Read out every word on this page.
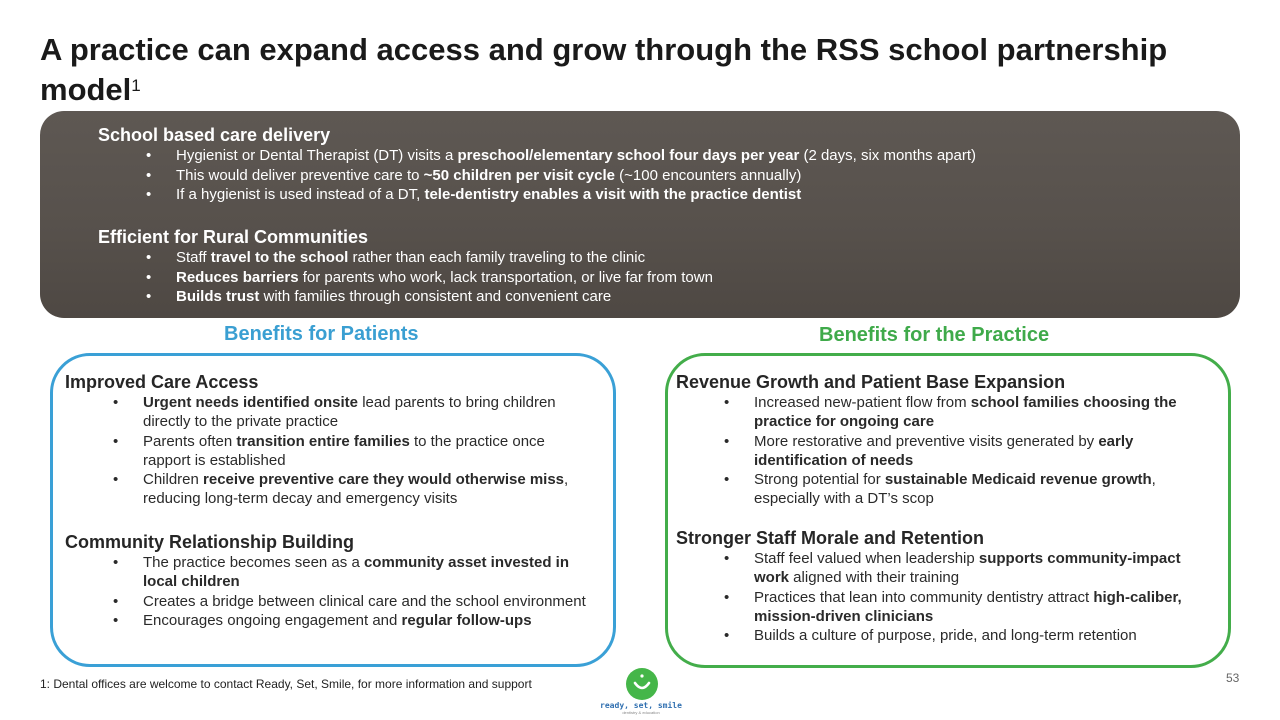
A practice can expand access and grow through the RSS school partnership model$^1$
School based care delivery
• Hygienist or Dental Therapist (DT) visits a preschool/elementary school four days per year (2 days, six months apart)
• This would deliver preventive care to ~50 children per visit cycle (~100 encounters annually)
• If a hygienist is used instead of a DT, tele-dentistry enables a visit with the practice dentist
Efficient for Rural Communities
• Staff travel to the school rather than each family traveling to the clinic
• Reduces barriers for parents who work, lack transportation, or live far from town
• Builds trust with families through consistent and convenient care
Benefits for Patients	Benefits for the Practice
Improved Care Access
• Urgent needs identified onsite lead parents to bring children directly to the private practice
• Parents often transition entire families to the practice once rapport is established
• Children receive preventive care they would otherwise miss, reducing long-term decay and emergency visits
Community Relationship Building
• The practice becomes seen as a community asset invested in local children
• Creates a bridge between clinical care and the school environment
• Encourages ongoing engagement and regular follow-ups
Revenue Growth and Patient Base Expansion
• Increased new-patient flow from school families choosing the practice for ongoing care
• More restorative and preventive visits generated by early identification of needs
• Strong potential for sustainable Medicaid revenue growth, especially with a DT’s scop
Stronger Staff Morale and Retention
• Staff feel valued when leadership supports community-impact work aligned with their training
• Practices that lean into community dentistry attract high-caliber, mission-driven clinicians
• Builds a culture of purpose, pride, and long-term retention
1: Dental offices are welcome to contact Ready, Set, Smile, for more information and support
ready, set, smile
dentistry & education
53
